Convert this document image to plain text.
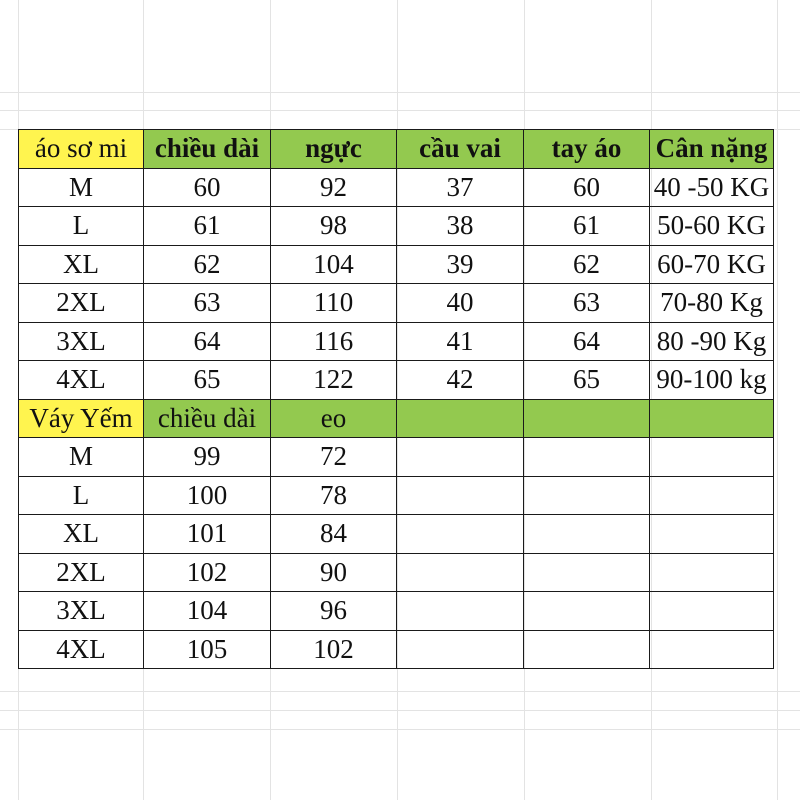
áo sơ mi	chiều dài	ngực	cầu vai	tay áo	Cân nặng
M	60	92	37	60	40 -50 KG
L	61	98	38	61	50-60 KG
XL	62	104	39	62	60-70 KG
2XL	63	110	40	63	70-80 Kg
3XL	64	116	41	64	80 -90 Kg
4XL	65	122	42	65	90-100 kg
Váy Yếm	chiều dài	eo			
M	99	72			
L	100	78			
XL	101	84			
2XL	102	90			
3XL	104	96			
4XL	105	102			
